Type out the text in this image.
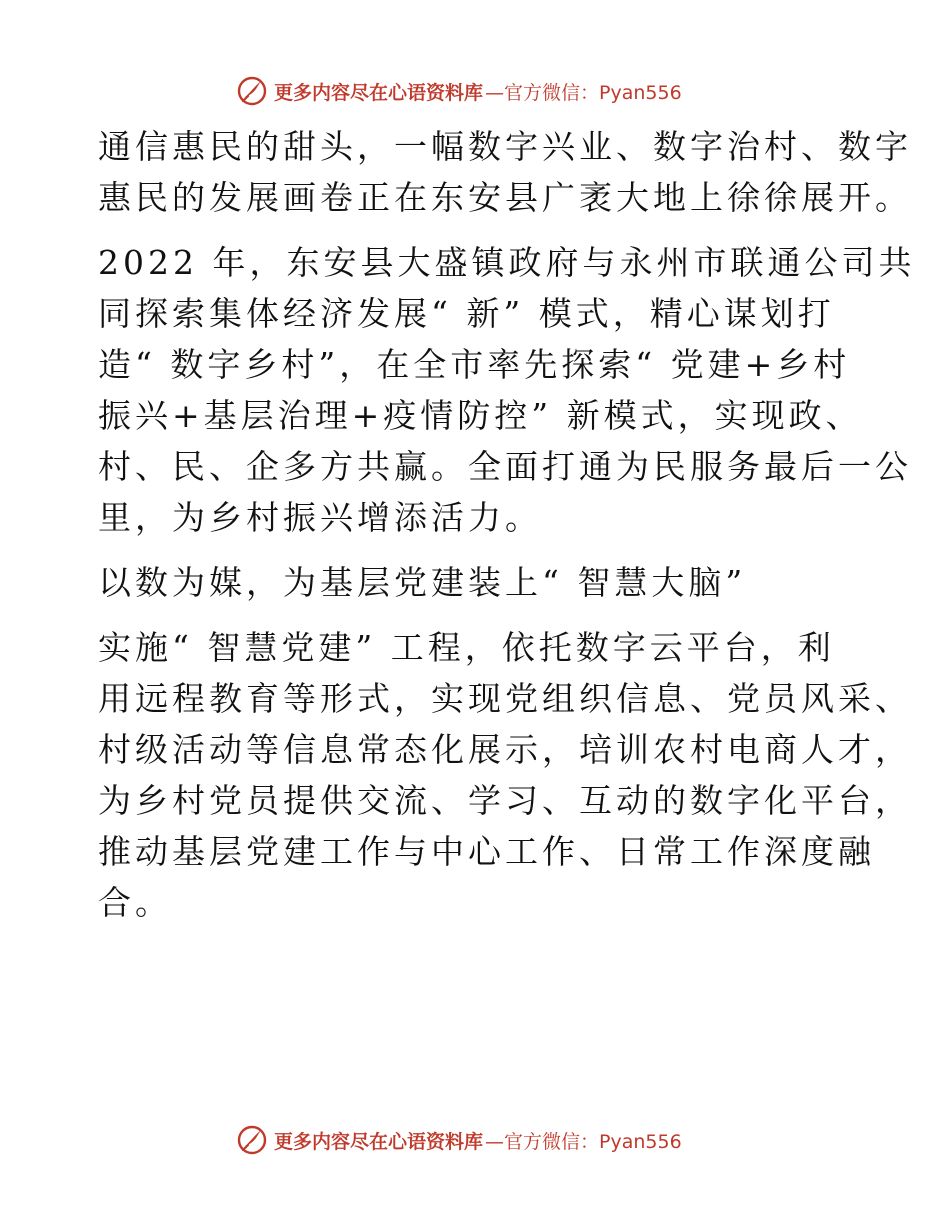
更多内容尽在心语资料库 —官方微信：Pyan556

通信惠民的甜头，一幅数字兴业、数字治村、数字
惠民的发展画卷正在东安县广袤大地上徐徐展开。

2022 年，东安县大盛镇政府与永州市联通公司共
同探索集体经济发展“ 新” 模式，精心谋划打
造“ 数字乡村”，在全市率先探索“ 党建+乡村
振兴+基层治理+疫情防控” 新模式，实现政、
村、民、企多方共赢。全面打通为民服务最后一公
里，为乡村振兴增添活力。

以数为媒，为基层党建装上“ 智慧大脑”

实施“ 智慧党建” 工程，依托数字云平台，利
用远程教育等形式，实现党组织信息、党员风采、
村级活动等信息常态化展示，培训农村电商人才，
为乡村党员提供交流、学习、互动的数字化平台，
推动基层党建工作与中心工作、日常工作深度融
合。

更多内容尽在心语资料库 —官方微信：Pyan556
